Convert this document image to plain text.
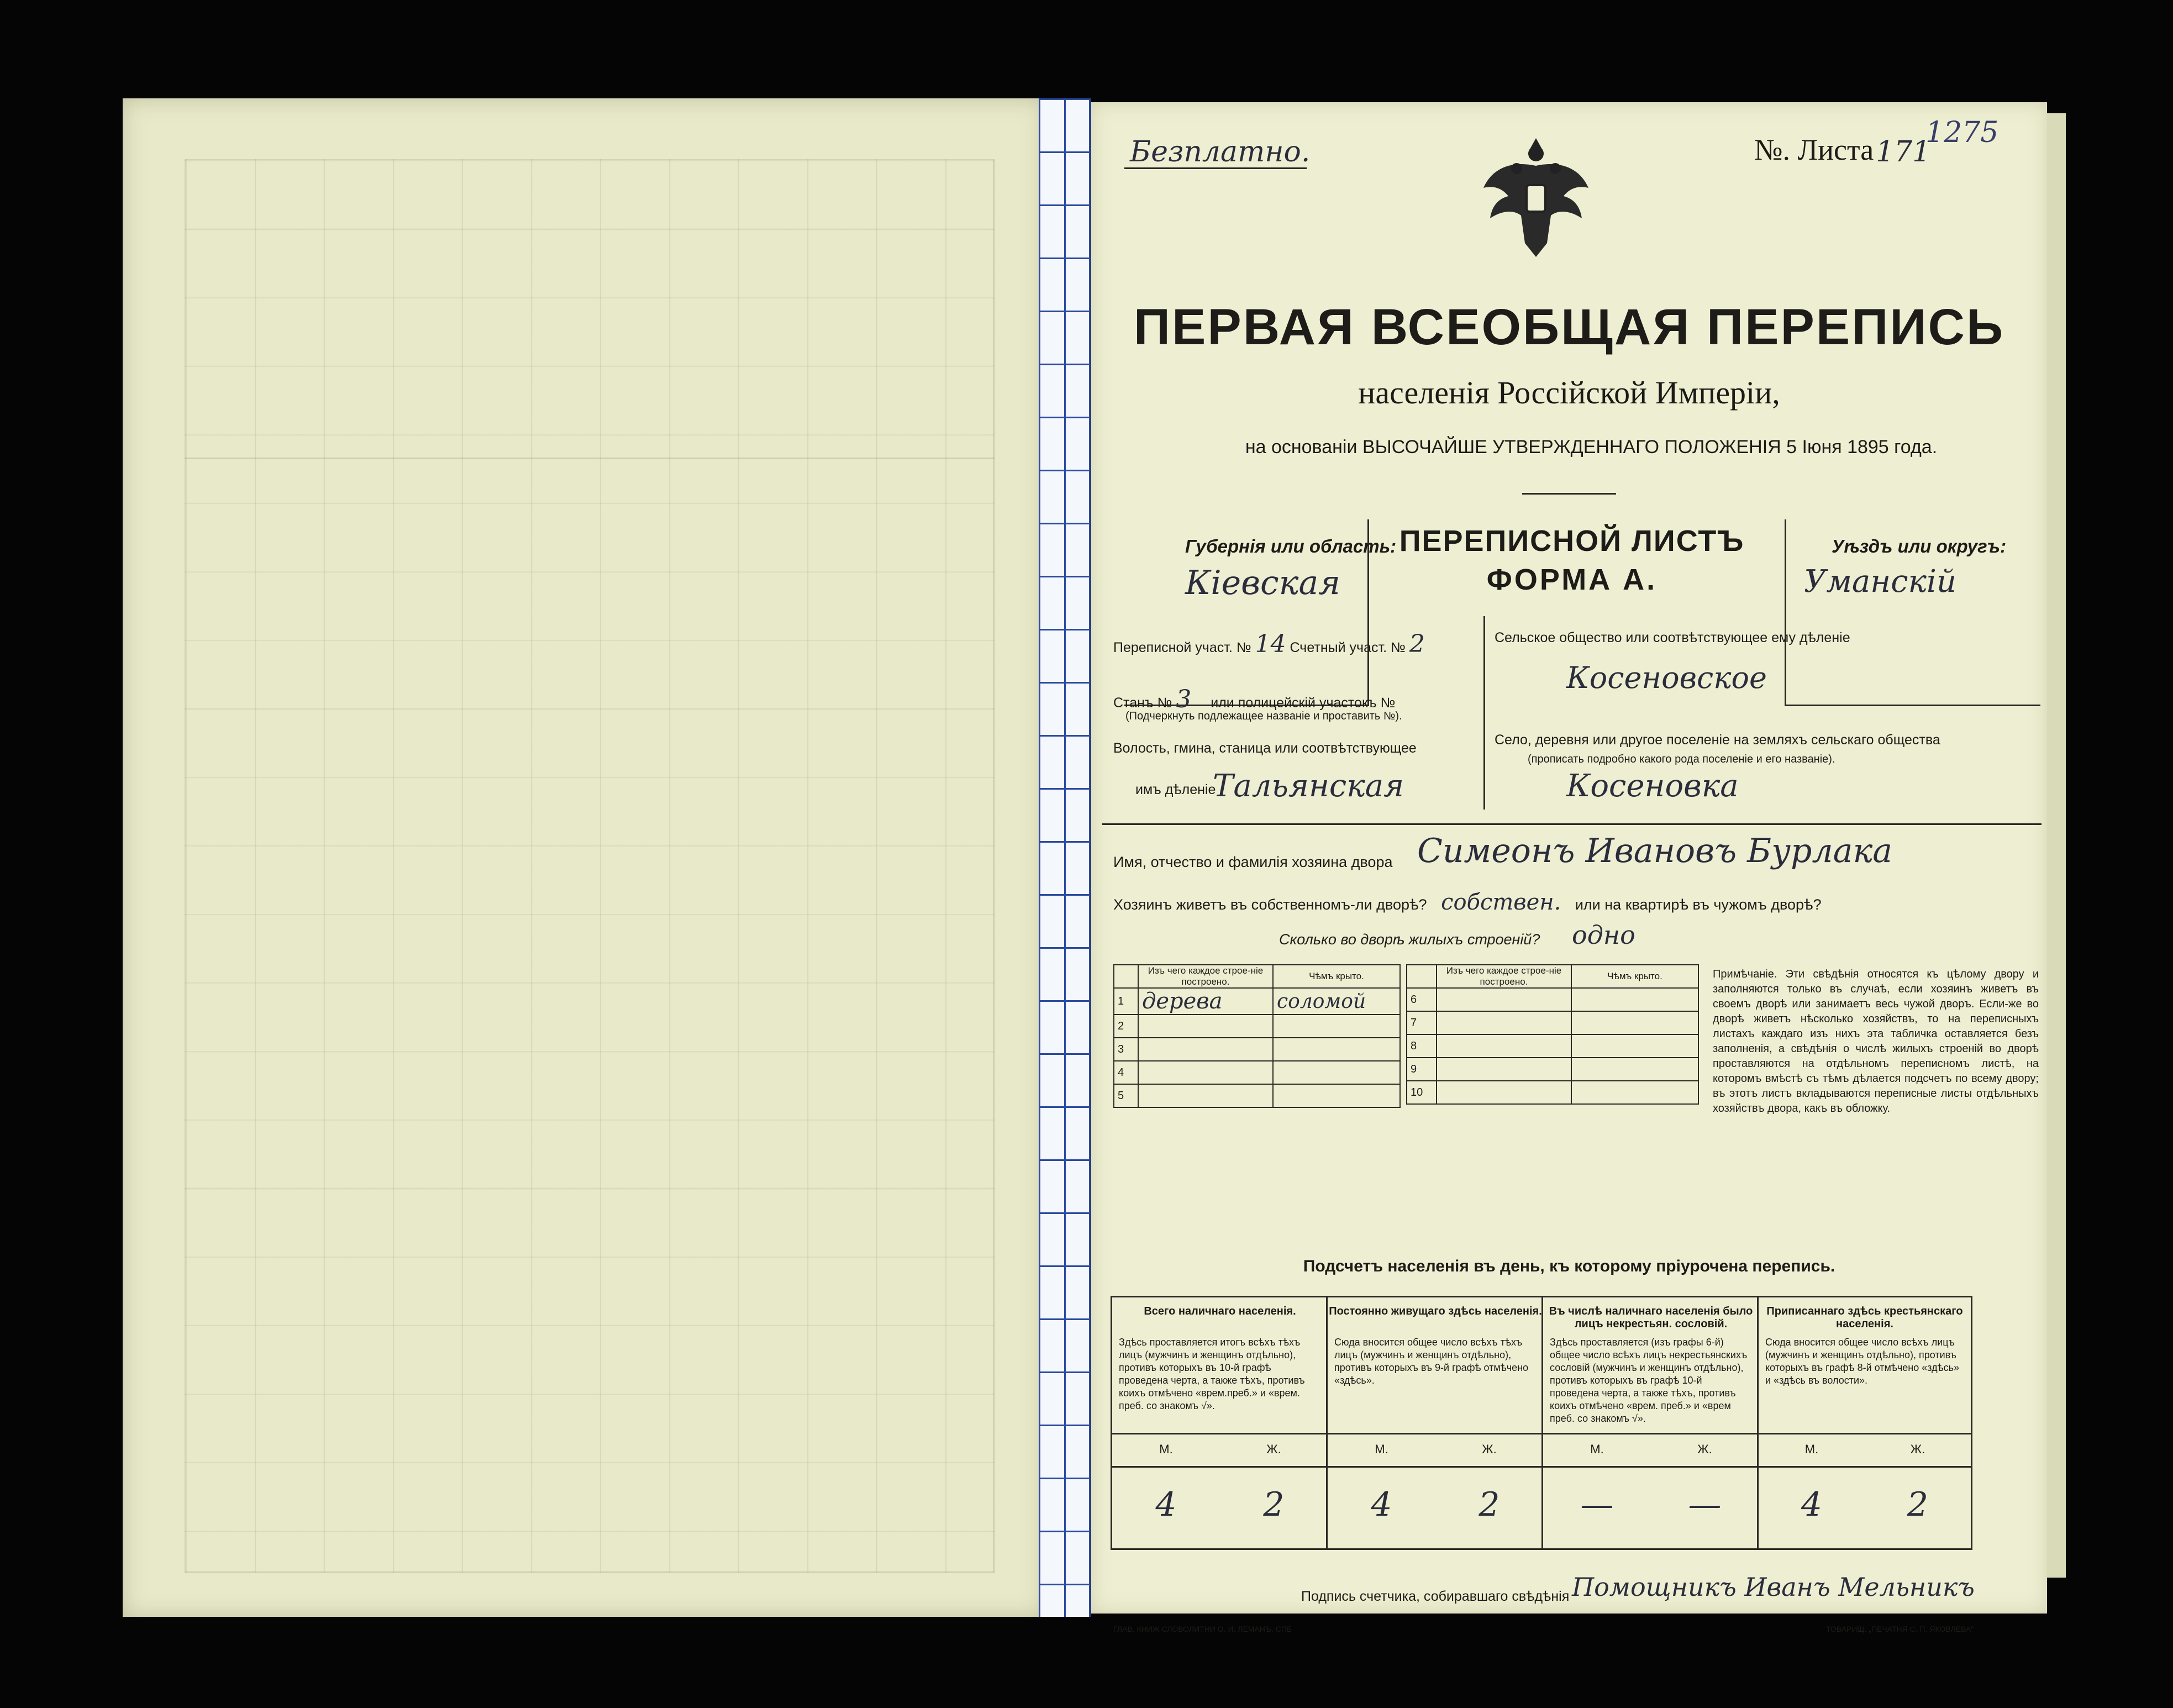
Безплатно.	№. Листа 171
1275
ПЕРВАЯ ВСЕОБЩАЯ ПЕРЕПИСЬ
населенія Россійской Имперіи,
на основаніи ВЫСОЧАЙШЕ УТВЕРЖДЕННАГО ПОЛОЖЕНІЯ 5 Іюня 1895 года.
Губернія или область:
Кіевская
ПЕРЕПИСНОЙ ЛИСТЪ
ФОРМА А.
Уѣздъ или округъ:
Уманскій
Переписной участ. № 14 Счетный участ. № 2
Станъ № 3 или полицейскій участокъ №
(Подчеркнуть подлежащее названіе и проставить №).
Волость, гмина, станица или соотвѣтствующее
имъ дѣленіе
Тальянская
Сельское общество или соотвѣтствующее ему дѣленіе
Косеновское
Село, деревня или другое поселеніе на земляхъ сельскаго общества
(прописать подробно какого рода поселеніе и его названіе).
Косеновка
Имя, отчество и фамилія хозяина двора Симеонъ Ивановъ Бурлака
Хозяинъ живетъ въ собственномъ-ли дворѣ? собствен. или на квартирѣ въ чужомъ дворѣ?
Сколько во дворѣ жилыхъ строеній? одно
	Изъ чего каждое строе-ніе построено.	Чѣмъ крыто.
1	дерева	соломой
2		
3		
4		
5		
	Изъ чего каждое строе-ніе построено.	Чѣмъ крыто.
6		
7		
8		
9		
10		
Примѣчаніе. Эти свѣдѣнія относятся къ цѣлому двору и заполняются только въ случаѣ, если хозяинъ живетъ въ своемъ дворѣ или занимаетъ весь чужой дворъ. Если-же во дворѣ живетъ нѣсколько хозяйствъ, то на переписныхъ листахъ каждаго изъ нихъ эта табличка оставляется безъ заполненія, а свѣдѣнія о числѣ жилыхъ строеній во дворѣ проставляются на отдѣльномъ переписномъ листѣ, на которомъ вмѣстѣ съ тѣмъ дѣлается подсчетъ по всему двору; въ этотъ листъ вкладываются переписные листы отдѣльныхъ хозяйствъ двора, какъ въ обложку.
Подсчетъ населенія въ день, къ которому пріурочена перепись.
Всего наличнаго населенія.
Здѣсь проставляется итогъ всѣхъ тѣхъ лицъ (мужчинъ и женщинъ отдѣльно), противъ которыхъ въ 10-й графѣ проведена черта, а также тѣхъ, противъ коихъ отмѣчено «врем.преб.» и «врем. преб. со знакомъ √».
М.	Ж.
4	2
Постоянно живущаго здѣсь населенія.
Сюда вносится общее число всѣхъ тѣхъ лицъ (мужчинъ и женщинъ отдѣльно), противъ которыхъ въ 9-й графѣ отмѣчено «здѣсь».
М.	Ж.
4	2
Въ числѣ наличнаго населенія было лицъ некрестьян. сословій.
Здѣсь проставляется (изъ графы 6-й) общее число всѣхъ лицъ некрестьянскихъ сословій (мужчинъ и женщинъ отдѣльно), противъ которыхъ въ графѣ 10-й проведена черта, а также тѣхъ, противъ коихъ отмѣчено «врем. преб.» и «врем преб. со знакомъ √».
М.	Ж.
—	—
Приписаннаго здѣсь крестьянскаго населенія.
Сюда вносится общее число всѣхъ лицъ (мужчинъ и женщинъ отдѣльно), противъ которыхъ въ графѣ 8-й отмѣчено «здѣсь» и «здѣсь въ волости».
М.	Ж.
4	2
Подпись счетчика, собиравшаго свѣдѣнія Помощникъ Иванъ Мельникъ
ГЛАВ. КНИЖ СЛОВОЛИТНИ О. И. ЛЕМАНЪ, СПБ	ТОВАРИЩ. „ПЕЧАТНЯ С. П. ЯКОВЛЕВА"
